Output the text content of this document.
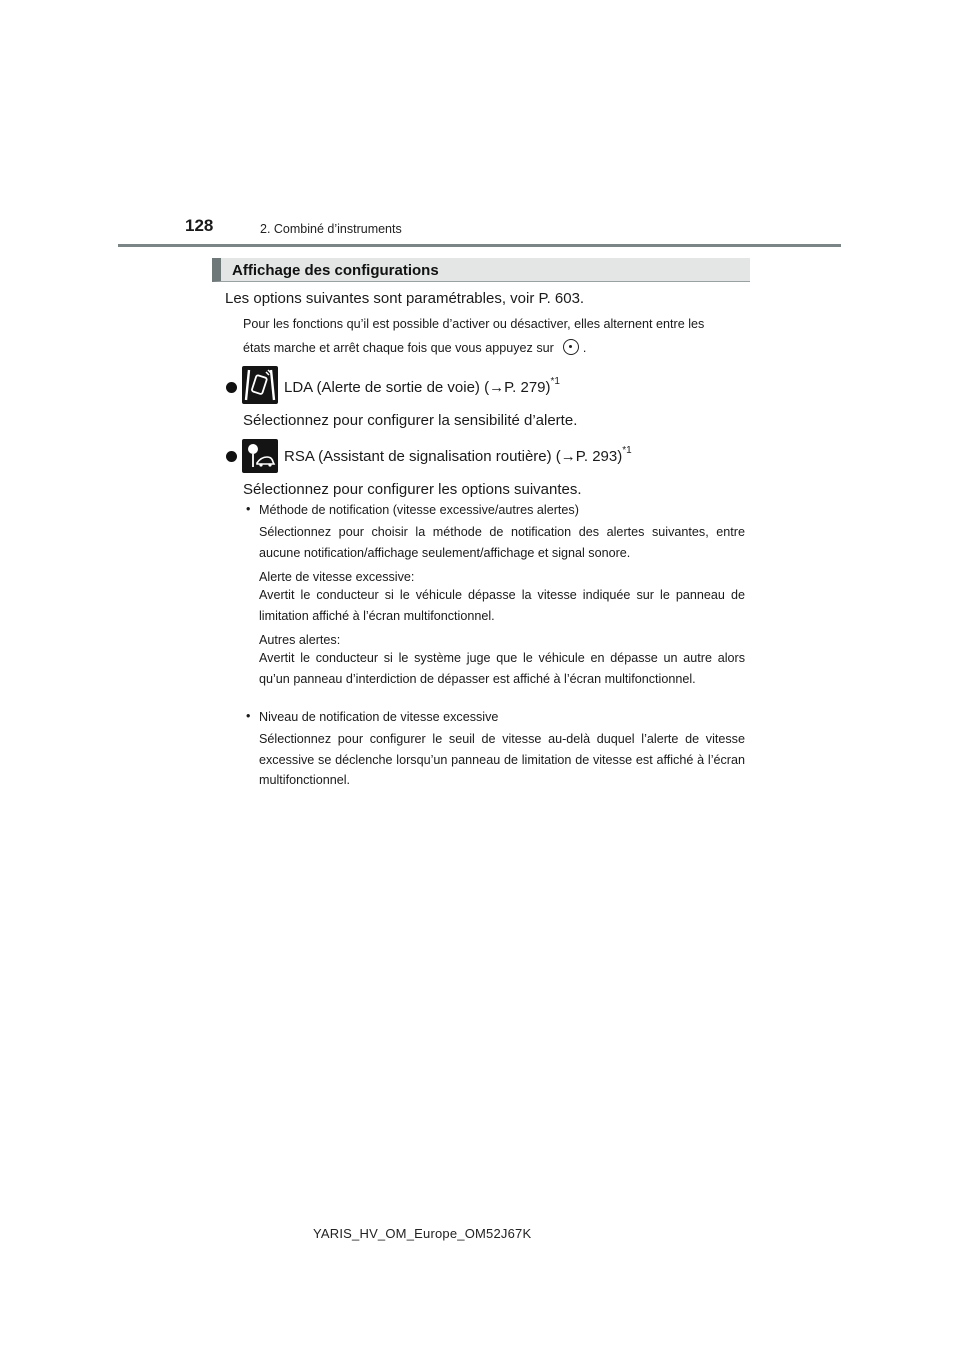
128	2. Combiné d’instruments
Affichage des configurations
Les options suivantes sont paramétrables, voir P. 603.
Pour les fonctions qu’il est possible d’activer ou désactiver, elles alternent entre les
états marche et arrêt chaque fois que vous appuyez sur .
LDA (Alerte de sortie de voie) (→P. 279)$^{*1}$
Sélectionnez pour configurer la sensibilité d’alerte.
RSA (Assistant de signalisation routière) (→P. 293)$^{*1}$
Sélectionnez pour configurer les options suivantes.
• Méthode de notification (vitesse excessive/autres alertes)
Sélectionnez pour choisir la méthode de notification des alertes suivantes, entre aucune notification/affichage seulement/affichage et signal sonore.
Alerte de vitesse excessive:
Avertit le conducteur si le véhicule dépasse la vitesse indiquée sur le panneau de limitation affiché à l’écran multifonctionnel.
Autres alertes:
Avertit le conducteur si le système juge que le véhicule en dépasse un autre alors qu’un panneau d’interdiction de dépasser est affiché à l’écran multifonctionnel.
• Niveau de notification de vitesse excessive
Sélectionnez pour configurer le seuil de vitesse au-delà duquel l’alerte de vitesse excessive se déclenche lorsqu’un panneau de limitation de vitesse est affiché à l’écran multifonctionnel.
YARIS_HV_OM_Europe_OM52J67K
